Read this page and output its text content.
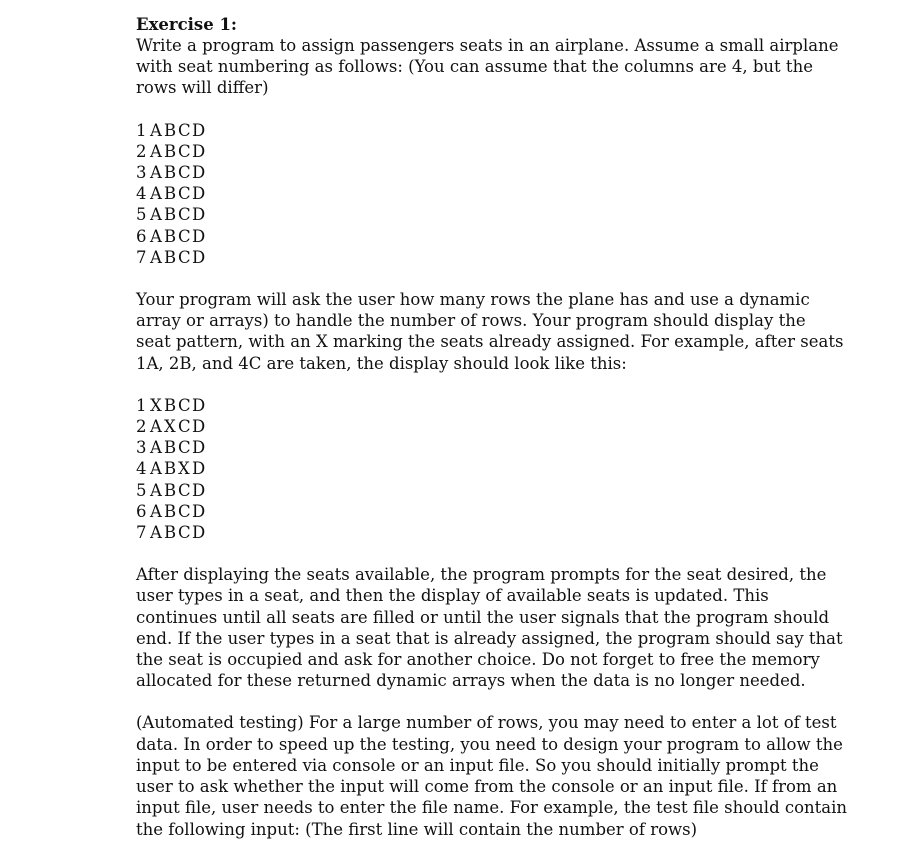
Exercise 1:

Write a program to assign passengers seats in an airplane. Assume a small airplane
with seat numbering as follows: (You can assume that the columns are 4, but the
rows will differ)
1 A B CD
2 A B CD
3 A B CD
4 A B CD
5 A B CD
6 A B CD
7 A B CD
Your program will ask the user how many rows the plane has and use a dynamic
array or arrays) to handle the number of rows. Your program should display the
seat pattern, with an X marking the seats already assigned. For example, after seats
1A, 2B, and 4C are taken, the display should look like this:
1 X B CD
2 A X CD
3 A B CD
4 A B X D
5 A B CD
6 A B CD
7 A B CD
After displaying the seats available, the program prompts for the seat desired, the
user types in a seat, and then the display of available seats is updated. This
continues until all seats are filled or until the user signals that the program should
end. If the user types in a seat that is already assigned, the program should say that
the seat is occupied and ask for another choice. Do not forget to free the memory
allocated for these returned dynamic arrays when the data is no longer needed.
(Automated testing) For a large number of rows, you may need to enter a lot of test
data. In order to speed up the testing, you need to design your program to allow the
input to be entered via console or an input file. So you should initially prompt the
user to ask whether the input will come from the console or an input file. If from an
input file, user needs to enter the file name. For example, the test file should contain
the following input: (The first line will contain the number of rows)
